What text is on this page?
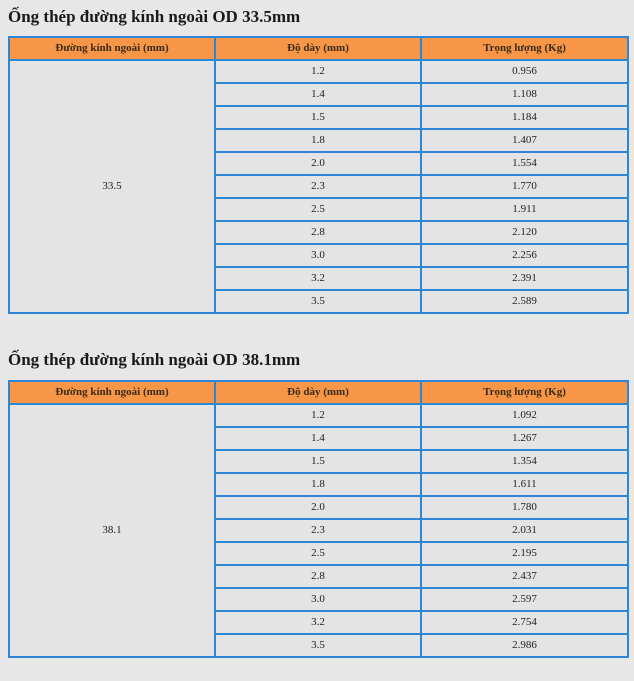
Ống thép đường kính ngoài OD 33.5mm
Đường kính ngoài (mm)	Độ dày (mm)	Trọng lượng (Kg)
33.5	1.2	0.956
	1.4	1.108
	1.5	1.184
	1.8	1.407
	2.0	1.554
	2.3	1.770
	2.5	1.911
	2.8	2.120
	3.0	2.256
	3.2	2.391
	3.5	2.589
Ống thép đường kính ngoài OD 38.1mm
Đường kính ngoài (mm)	Độ dày (mm)	Trọng lượng (Kg)
38.1	1.2	1.092
	1.4	1.267
	1.5	1.354
	1.8	1.611
	2.0	1.780
	2.3	2.031
	2.5	2.195
	2.8	2.437
	3.0	2.597
	3.2	2.754
	3.5	2.986
